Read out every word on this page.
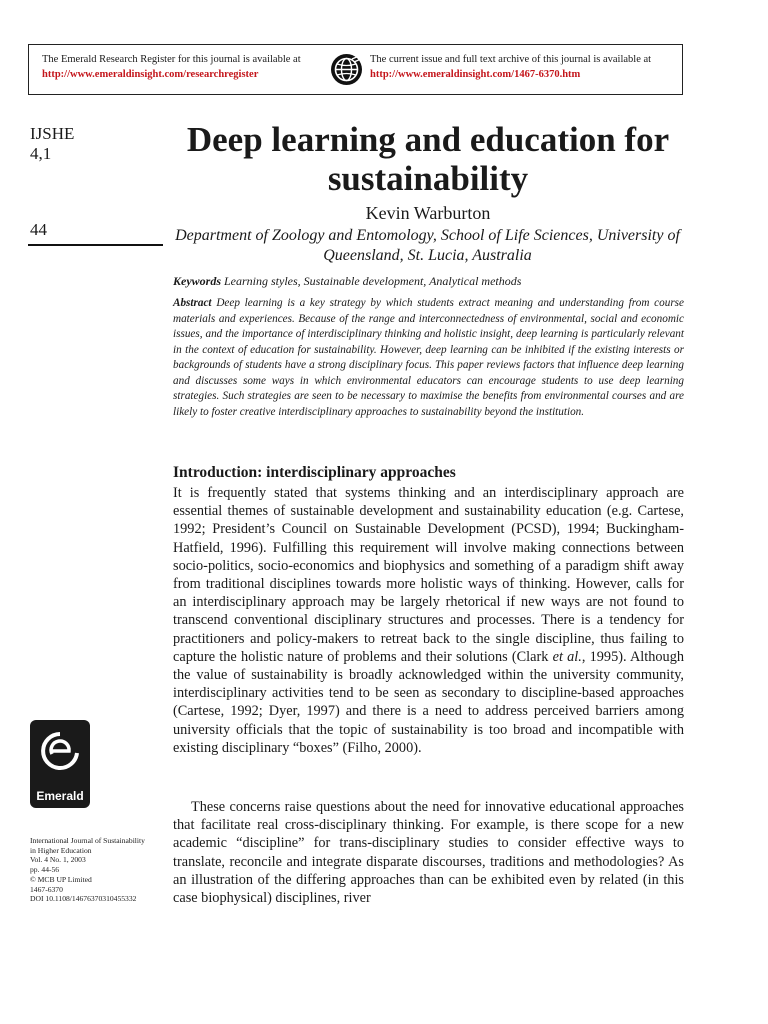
The Emerald Research Register for this journal is available at
http://www.emeraldinsight.com/researchregister
The current issue and full text archive of this journal is available at
http://www.emeraldinsight.com/1467-6370.htm
IJSHE
4,1
44
Emerald
International Journal of Sustainability
in Higher Education
Vol. 4 No. 1, 2003
pp. 44-56
© MCB UP Limited
1467-6370
DOI 10.1108/14676370310455332
Deep learning and education for sustainability
Kevin Warburton
Department of Zoology and Entomology, School of Life Sciences, University of Queensland, St. Lucia, Australia
Keywords Learning styles, Sustainable development, Analytical methods
Abstract Deep learning is a key strategy by which students extract meaning and understanding from course materials and experiences. Because of the range and interconnectedness of environmental, social and economic issues, and the importance of interdisciplinary thinking and holistic insight, deep learning is particularly relevant in the context of education for sustainability. However, deep learning can be inhibited if the existing interests or backgrounds of students have a strong disciplinary focus. This paper reviews factors that influence deep learning and discusses some ways in which environmental educators can encourage students to use deep learning strategies. Such strategies are seen to be necessary to maximise the benefits from environmental courses and are likely to foster creative interdisciplinary approaches to sustainability beyond the institution.
Introduction: interdisciplinary approaches

It is frequently stated that systems thinking and an interdisciplinary approach are essential themes of sustainable development and sustainability education (e.g. Cartese, 1992; President’s Council on Sustainable Development (PCSD), 1994; Buckingham-Hatfield, 1996). Fulfilling this requirement will involve making connections between socio-politics, socio-economics and biophysics and something of a paradigm shift away from traditional disciplines towards more holistic ways of thinking. However, calls for an interdisciplinary approach may be largely rhetorical if new ways are not found to transcend conventional disciplinary structures and processes. There is a tendency for practitioners and policy-makers to retreat back to the single discipline, thus failing to capture the holistic nature of problems and their solutions (Clark et al., 1995). Although the value of sustainability is broadly acknowledged within the university community, interdisciplinary activities tend to be seen as secondary to discipline-based approaches (Cartese, 1992; Dyer, 1997) and there is a need to address perceived barriers among university officials that the topic of sustainability is too broad and incompatible with existing disciplinary “boxes” (Filho, 2000).

These concerns raise questions about the need for innovative educational approaches that facilitate real cross-disciplinary thinking. For example, is there scope for a new academic “discipline” for trans-disciplinary studies to consider effective ways to translate, reconcile and integrate disparate discourses, traditions and methodologies? As an illustration of the differing approaches than can be exhibited even by related (in this case biophysical) disciplines, river
